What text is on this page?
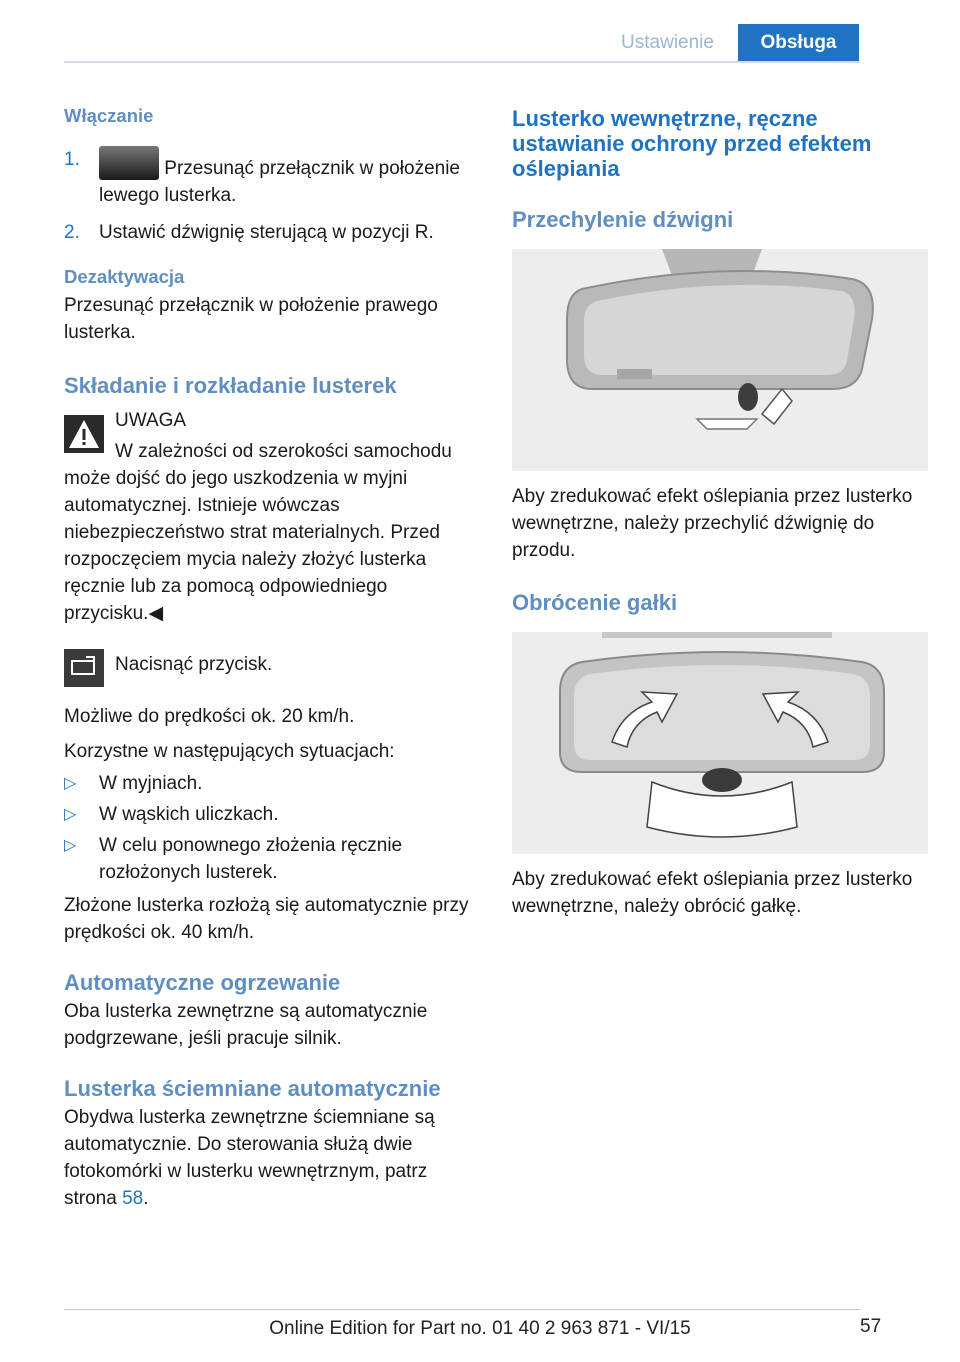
Ustawienie Obsługa

Włączanie

1.	Przesunąć przełącznik w położenie lewego lusterka.
2. Ustawić dźwignię sterującą w pozycji R.

Dezaktywacja

Przesunąć przełącznik w położenie prawego lusterka.

Składanie i rozkładanie lusterek

UWAGA

W zależności od szerokości samochodu

może dojść do jego uszkodzenia w myjni automatycznej. Istnieje wówczas niebezpieczeństwo strat materialnych. Przed rozpoczęciem mycia należy złożyć lusterka ręcznie lub za pomocą odpowiedniego przycisku.◀

Nacisnąć przycisk.

Możliwe do prędkości ok. 20 km/h.

Korzystne w następujących sytuacjach:

▷ W myjniach.
▷ W wąskich uliczkach.
▷ W celu ponownego złożenia ręcznie rozłożonych lusterek.

Złożone lusterka rozłożą się automatycznie przy prędkości ok. 40 km/h.

Automatyczne ogrzewanie

Oba lusterka zewnętrzne są automatycznie podgrzewane, jeśli pracuje silnik.

Lusterka ściemniane automatycznie

Obydwa lusterka zewnętrzne ściemniane są automatycznie. Do sterowania służą dwie fotokomórki w lusterku wewnętrznym, patrz strona 58.

Lusterko wewnętrzne, ręczne ustawianie ochrony przed efektem oślepiania

Przechylenie dźwigni

Aby zredukować efekt oślepiania przez lusterko wewnętrzne, należy przechylić dźwignię do przodu.

Obrócenie gałki

Aby zredukować efekt oślepiania przez lusterko wewnętrzne, należy obrócić gałkę.

Online Edition for Part no. 01 40 2 963 871 - VI/15	57
